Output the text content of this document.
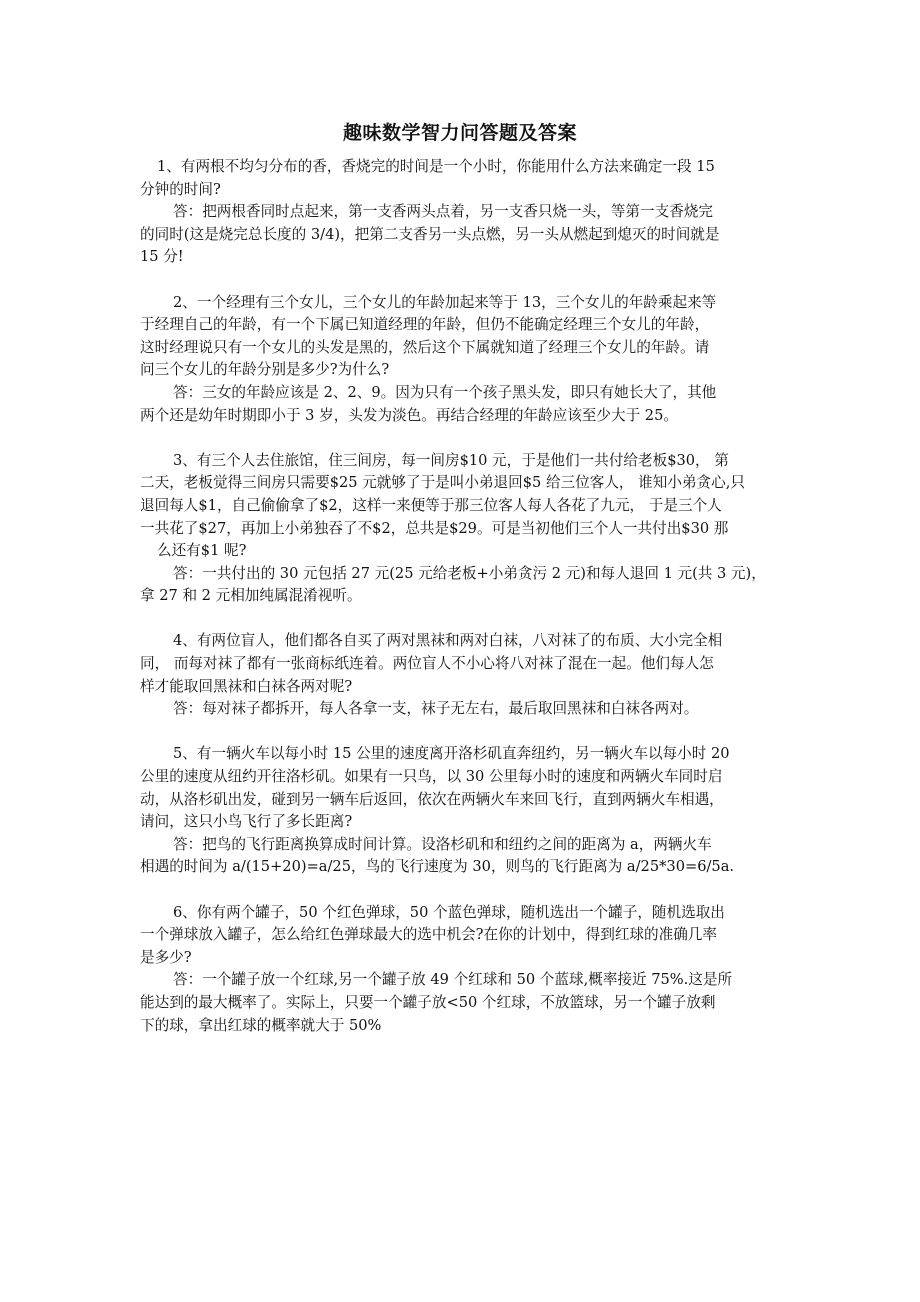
趣味数学智力问答题及答案
1、有两根不均匀分布的香，香烧完的时间是一个小时，你能用什么方法来确定一段 15
分钟的时间?
答：把两根香同时点起来，第一支香两头点着，另一支香只烧一头，等第一支香烧完
的同时(这是烧完总长度的 3/4)，把第二支香另一头点燃，另一头从燃起到熄灭的时间就是
15 分!
2、一个经理有三个女儿，三个女儿的年龄加起来等于 13，三个女儿的年龄乘起来等
于经理自己的年龄，有一个下属已知道经理的年龄，但仍不能确定经理三个女儿的年龄，
这时经理说只有一个女儿的头发是黑的，然后这个下属就知道了经理三个女儿的年龄。请
问三个女儿的年龄分别是多少?为什么?
答：三女的年龄应该是 2、2、9。因为只有一个孩子黑头发，即只有她长大了，其他
两个还是幼年时期即小于 3 岁，头发为淡色。再结合经理的年龄应该至少大于 25。
3、有三个人去住旅馆，住三间房，每一间房$10 元，于是他们一共付给老板$30， 第
二天，老板觉得三间房只需要$25 元就够了于是叫小弟退回$5 给三位客人， 谁知小弟贪心,只
退回每人$1，自己偷偷拿了$2，这样一来便等于那三位客人每人各花了九元， 于是三个人
一共花了$27，再加上小弟独吞了不$2，总共是$29。可是当初他们三个人一共付出$30 那
么还有$1 呢?
答：一共付出的 30 元包括 27 元(25 元给老板+小弟贪污 2 元)和每人退回 1 元(共 3 元)，
拿 27 和 2 元相加纯属混淆视听。
4、有两位盲人，他们都各自买了两对黑袜和两对白袜，八对袜了的布质、大小完全相
同， 而每对袜了都有一张商标纸连着。两位盲人不小心将八对袜了混在一起。他们每人怎
样才能取回黑袜和白袜各两对呢?
答：每对袜子都拆开，每人各拿一支，袜子无左右，最后取回黑袜和白袜各两对。
5、有一辆火车以每小时 15 公里的速度离开洛杉矶直奔纽约，另一辆火车以每小时 20
公里的速度从纽约开往洛杉矶。如果有一只鸟，以 30 公里每小时的速度和两辆火车同时启
动，从洛杉矶出发，碰到另一辆车后返回，依次在两辆火车来回飞行，直到两辆火车相遇，
请问，这只小鸟飞行了多长距离?
答：把鸟的飞行距离换算成时间计算。设洛杉矶和和纽约之间的距离为 a，两辆火车
相遇的时间为 a/(15+20)=a/25，鸟的飞行速度为 30，则鸟的飞行距离为 a/25*30=6/5a.
6、你有两个罐子，50 个红色弹球，50 个蓝色弹球，随机选出一个罐子，随机选取出
一个弹球放入罐子，怎么给红色弹球最大的选中机会?在你的计划中，得到红球的准确几率
是多少?
答：一个罐子放一个红球,另一个罐子放 49 个红球和 50 个蓝球,概率接近 75%.这是所
能达到的最大概率了。实际上，只要一个罐子放<50 个红球，不放篮球，另一个罐子放剩
下的球，拿出红球的概率就大于 50%
